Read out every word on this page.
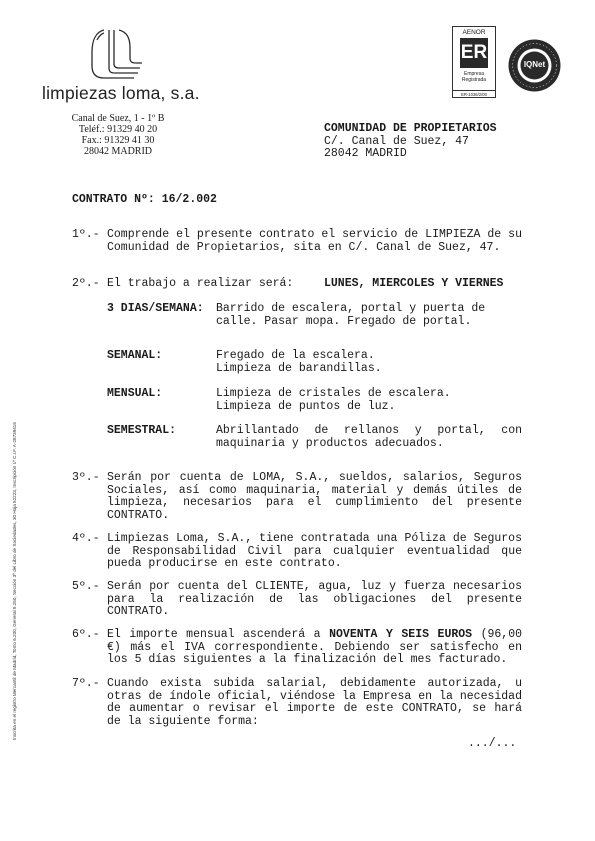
Inscrita en el registro Mercantil de Madrid, Tomo 6.200, General 5.250, Sección 3ª del Libro de Sociedades, 30 Hoja 52223, Inscripción 1ª C.I.F. A-28739415
limpiezas loma, s.a.
AENOR
ER
Empresa Registrada
ER-1036/2/00
IQNet
Canal de Suez, 1 - 1º B
Teléf.: 91329 40 20
Fax.: 91329 41 30
28042 MADRID
COMUNIDAD DE PROPIETARIOS
C/. Canal de Suez, 47
28042 MADRID
CONTRATO Nº: 16/2.002
1º.- Comprende el presente contrato el servicio de LIMPIEZA de su Comunidad de Propietarios, sita en C/. Canal de Suez, 47.
2º.- El trabajo a realizar será:	LUNES, MIERCOLES Y VIERNES
3 DIAS/SEMANA: Barrido de escalera, portal y puerta de calle. Pasar mopa. Fregado de portal.
SEMANAL:	Fregado de la escalera. Limpieza de barandillas.
MENSUAL:	Limpieza de cristales de escalera. Limpieza de puntos de luz.
SEMESTRAL:	Abrillantado de rellanos y portal, con maquinaria y productos adecuados.
3º.- Serán por cuenta de LOMA, S.A., sueldos, salarios, Seguros Sociales, así como maquinaria, material y demás útiles de limpieza, necesarios para el cumplimiento del presente CONTRATO.
4º.- Limpiezas Loma, S.A., tiene contratada una Póliza de Seguros de Responsabilidad Civil para cualquier eventualidad que pueda producirse en este contrato.
5º.- Serán por cuenta del CLIENTE, agua, luz y fuerza necesarios para la realización de las obligaciones del presente CONTRATO.
6º.- El importe mensual ascenderá a NOVENTA Y SEIS EUROS (96,00 €) más el IVA correspondiente. Debiendo ser satisfecho en los 5 días siguientes a la finalización del mes facturado.
7º.- Cuando exista subida salarial, debidamente autorizada, u otras de índole oficial, viéndose la Empresa en la necesidad de aumentar o revisar el importe de este CONTRATO, se hará de la siguiente forma:
.../...
